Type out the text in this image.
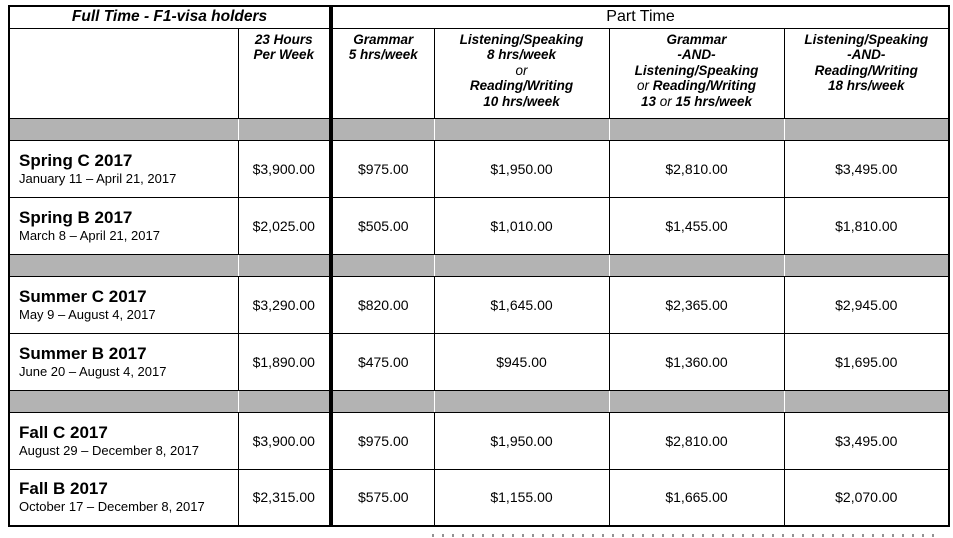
Full Time - F1-visa holders		Part Time			
	23 Hours
Per Week	Grammar
5 hrs/week	Listening/Speaking
8 hrs/week
or
Reading/Writing
10 hrs/week	Grammar
-AND-
Listening/Speaking
or Reading/Writing
13 or 15 hrs/week	Listening/Speaking
-AND-
Reading/Writing
18 hrs/week

Spring C 2017
January 11 – April 21, 2017	$3,900.00	$975.00	$1,950.00	$2,810.00	$3,495.00

Spring B 2017
March 8 – April 21, 2017	$2,025.00	$505.00	$1,010.00	$1,455.00	$1,810.00

Summer C 2017
May 9 – August 4, 2017	$3,290.00	$820.00	$1,645.00	$2,365.00	$2,945.00

Summer B 2017
June 20 – August 4, 2017	$1,890.00	$475.00	$945.00	$1,360.00	$1,695.00

Fall C 2017
August 29 – December 8, 2017	$3,900.00	$975.00	$1,950.00	$2,810.00	$3,495.00

Fall B 2017
October 17 – December 8, 2017	$2,315.00	$575.00	$1,155.00	$1,665.00	$2,070.00
